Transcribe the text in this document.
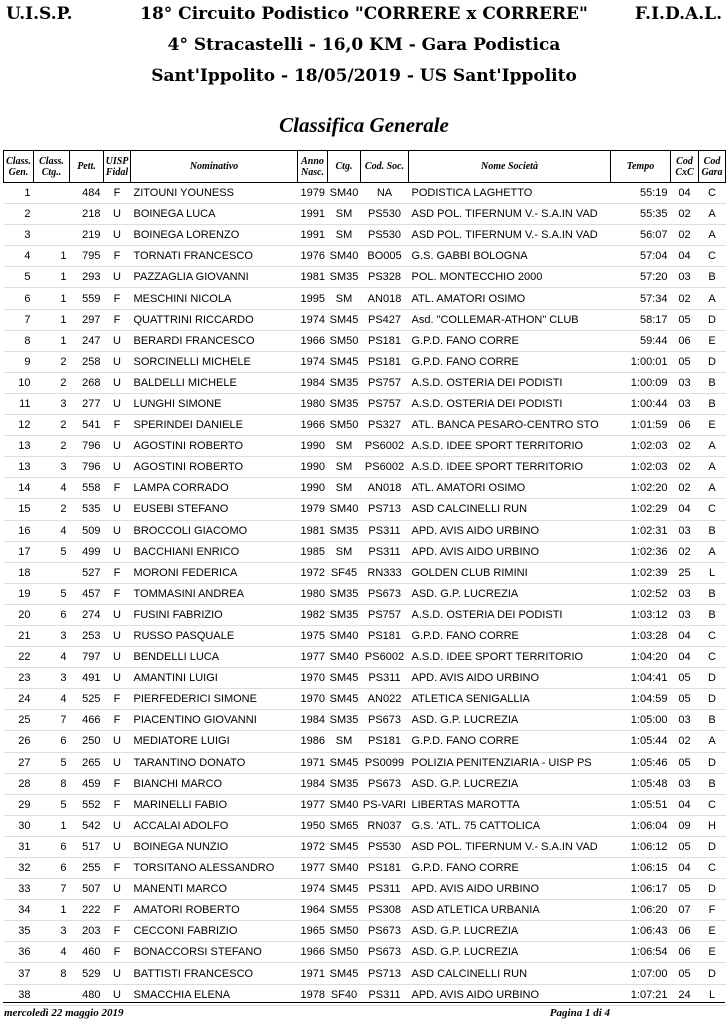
U.I.S.P.	F.I.D.A.L.
18° Circuito Podistico "CORRERE x CORRERE"
4° Stracastelli - 16,0 KM - Gara Podistica
Sant'Ippolito - 18/05/2019 - US Sant'Ippolito
Classifica Generale
Class. Gen.	Class. Ctg..	Pett.	UISP Fidal	Nominativo	Anno Nasc.	Ctg.	Cod. Soc.	Nome Società	Tempo	Cod CxC	Cod Gara
1		484	F	ZITOUNI YOUNESS	1979	SM40	NA	PODISTICA LAGHETTO	55:19	04	C
2		218	U	BOINEGA LUCA	1991	SM	PS530	ASD POL. TIFERNUM V.- S.A.IN VAD	55:35	02	A
3		219	U	BOINEGA LORENZO	1991	SM	PS530	ASD POL. TIFERNUM V.- S.A.IN VAD	56:07	02	A
4	1	795	F	TORNATI FRANCESCO	1976	SM40	BO005	G.S. GABBI BOLOGNA	57:04	04	C
5	1	293	U	PAZZAGLIA GIOVANNI	1981	SM35	PS328	POL. MONTECCHIO 2000	57:20	03	B
6	1	559	F	MESCHINI NICOLA	1995	SM	AN018	ATL. AMATORI OSIMO	57:34	02	A
7	1	297	F	QUATTRINI RICCARDO	1974	SM45	PS427	Asd. "COLLEMAR-ATHON" CLUB	58:17	05	D
8	1	247	U	BERARDI FRANCESCO	1966	SM50	PS181	G.P.D. FANO CORRE	59:44	06	E
9	2	258	U	SORCINELLI MICHELE	1974	SM45	PS181	G.P.D. FANO CORRE	1:00:01	05	D
10	2	268	U	BALDELLI MICHELE	1984	SM35	PS757	A.S.D. OSTERIA DEI PODISTI	1:00:09	03	B
11	3	277	U	LUNGHI SIMONE	1980	SM35	PS757	A.S.D. OSTERIA DEI PODISTI	1:00:44	03	B
12	2	541	F	SPERINDEI DANIELE	1966	SM50	PS327	ATL. BANCA PESARO-CENTRO STO	1:01:59	06	E
13	2	796	U	AGOSTINI ROBERTO	1990	SM	PS6002	A.S.D. IDEE SPORT TERRITORIO	1:02:03	02	A
13	3	796	U	AGOSTINI ROBERTO	1990	SM	PS6002	A.S.D. IDEE SPORT TERRITORIO	1:02:03	02	A
14	4	558	F	LAMPA CORRADO	1990	SM	AN018	ATL. AMATORI OSIMO	1:02:20	02	A
15	2	535	U	EUSEBI STEFANO	1979	SM40	PS713	ASD CALCINELLI RUN	1:02:29	04	C
16	4	509	U	BROCCOLI GIACOMO	1981	SM35	PS311	APD. AVIS AIDO URBINO	1:02:31	03	B
17	5	499	U	BACCHIANI ENRICO	1985	SM	PS311	APD. AVIS AIDO URBINO	1:02:36	02	A
18		527	F	MORONI FEDERICA	1972	SF45	RN333	GOLDEN CLUB RIMINI	1:02:39	25	L
19	5	457	F	TOMMASINI ANDREA	1980	SM35	PS673	ASD. G.P. LUCREZIA	1:02:52	03	B
20	6	274	U	FUSINI FABRIZIO	1982	SM35	PS757	A.S.D. OSTERIA DEI PODISTI	1:03:12	03	B
21	3	253	U	RUSSO PASQUALE	1975	SM40	PS181	G.P.D. FANO CORRE	1:03:28	04	C
22	4	797	U	BENDELLI LUCA	1977	SM40	PS6002	A.S.D. IDEE SPORT TERRITORIO	1:04:20	04	C
23	3	491	U	AMANTINI LUIGI	1970	SM45	PS311	APD. AVIS AIDO URBINO	1:04:41	05	D
24	4	525	F	PIERFEDERICI SIMONE	1970	SM45	AN022	ATLETICA SENIGALLIA	1:04:59	05	D
25	7	466	F	PIACENTINO GIOVANNI	1984	SM35	PS673	ASD. G.P. LUCREZIA	1:05:00	03	B
26	6	250	U	MEDIATORE LUIGI	1986	SM	PS181	G.P.D. FANO CORRE	1:05:44	02	A
27	5	265	U	TARANTINO DONATO	1971	SM45	PS0099	POLIZIA PENITENZIARIA - UISP PS	1:05:46	05	D
28	8	459	F	BIANCHI MARCO	1984	SM35	PS673	ASD. G.P. LUCREZIA	1:05:48	03	B
29	5	552	F	MARINELLI FABIO	1977	SM40	PS-VARI	LIBERTAS MAROTTA	1:05:51	04	C
30	1	542	U	ACCALAI ADOLFO	1950	SM65	RN037	G.S. 'ATL. 75 CATTOLICA	1:06:04	09	H
31	6	517	U	BOINEGA NUNZIO	1972	SM45	PS530	ASD POL. TIFERNUM V.- S.A.IN VAD	1:06:12	05	D
32	6	255	F	TORSITANO ALESSANDRO	1977	SM40	PS181	G.P.D. FANO CORRE	1:06:15	04	C
33	7	507	U	MANENTI MARCO	1974	SM45	PS311	APD. AVIS AIDO URBINO	1:06:17	05	D
34	1	222	F	AMATORI ROBERTO	1964	SM55	PS308	ASD ATLETICA URBANIA	1:06:20	07	F
35	3	203	F	CECCONI FABRIZIO	1965	SM50	PS673	ASD. G.P. LUCREZIA	1:06:43	06	E
36	4	460	F	BONACCORSI STEFANO	1966	SM50	PS673	ASD. G.P. LUCREZIA	1:06:54	06	E
37	8	529	U	BATTISTI FRANCESCO	1971	SM45	PS713	ASD CALCINELLI RUN	1:07:00	05	D
38		480	U	SMACCHIA ELENA	1978	SF40	PS311	APD. AVIS AIDO URBINO	1:07:21	24	L
mercoledì 22 maggio 2019	Pagina 1 di 4
